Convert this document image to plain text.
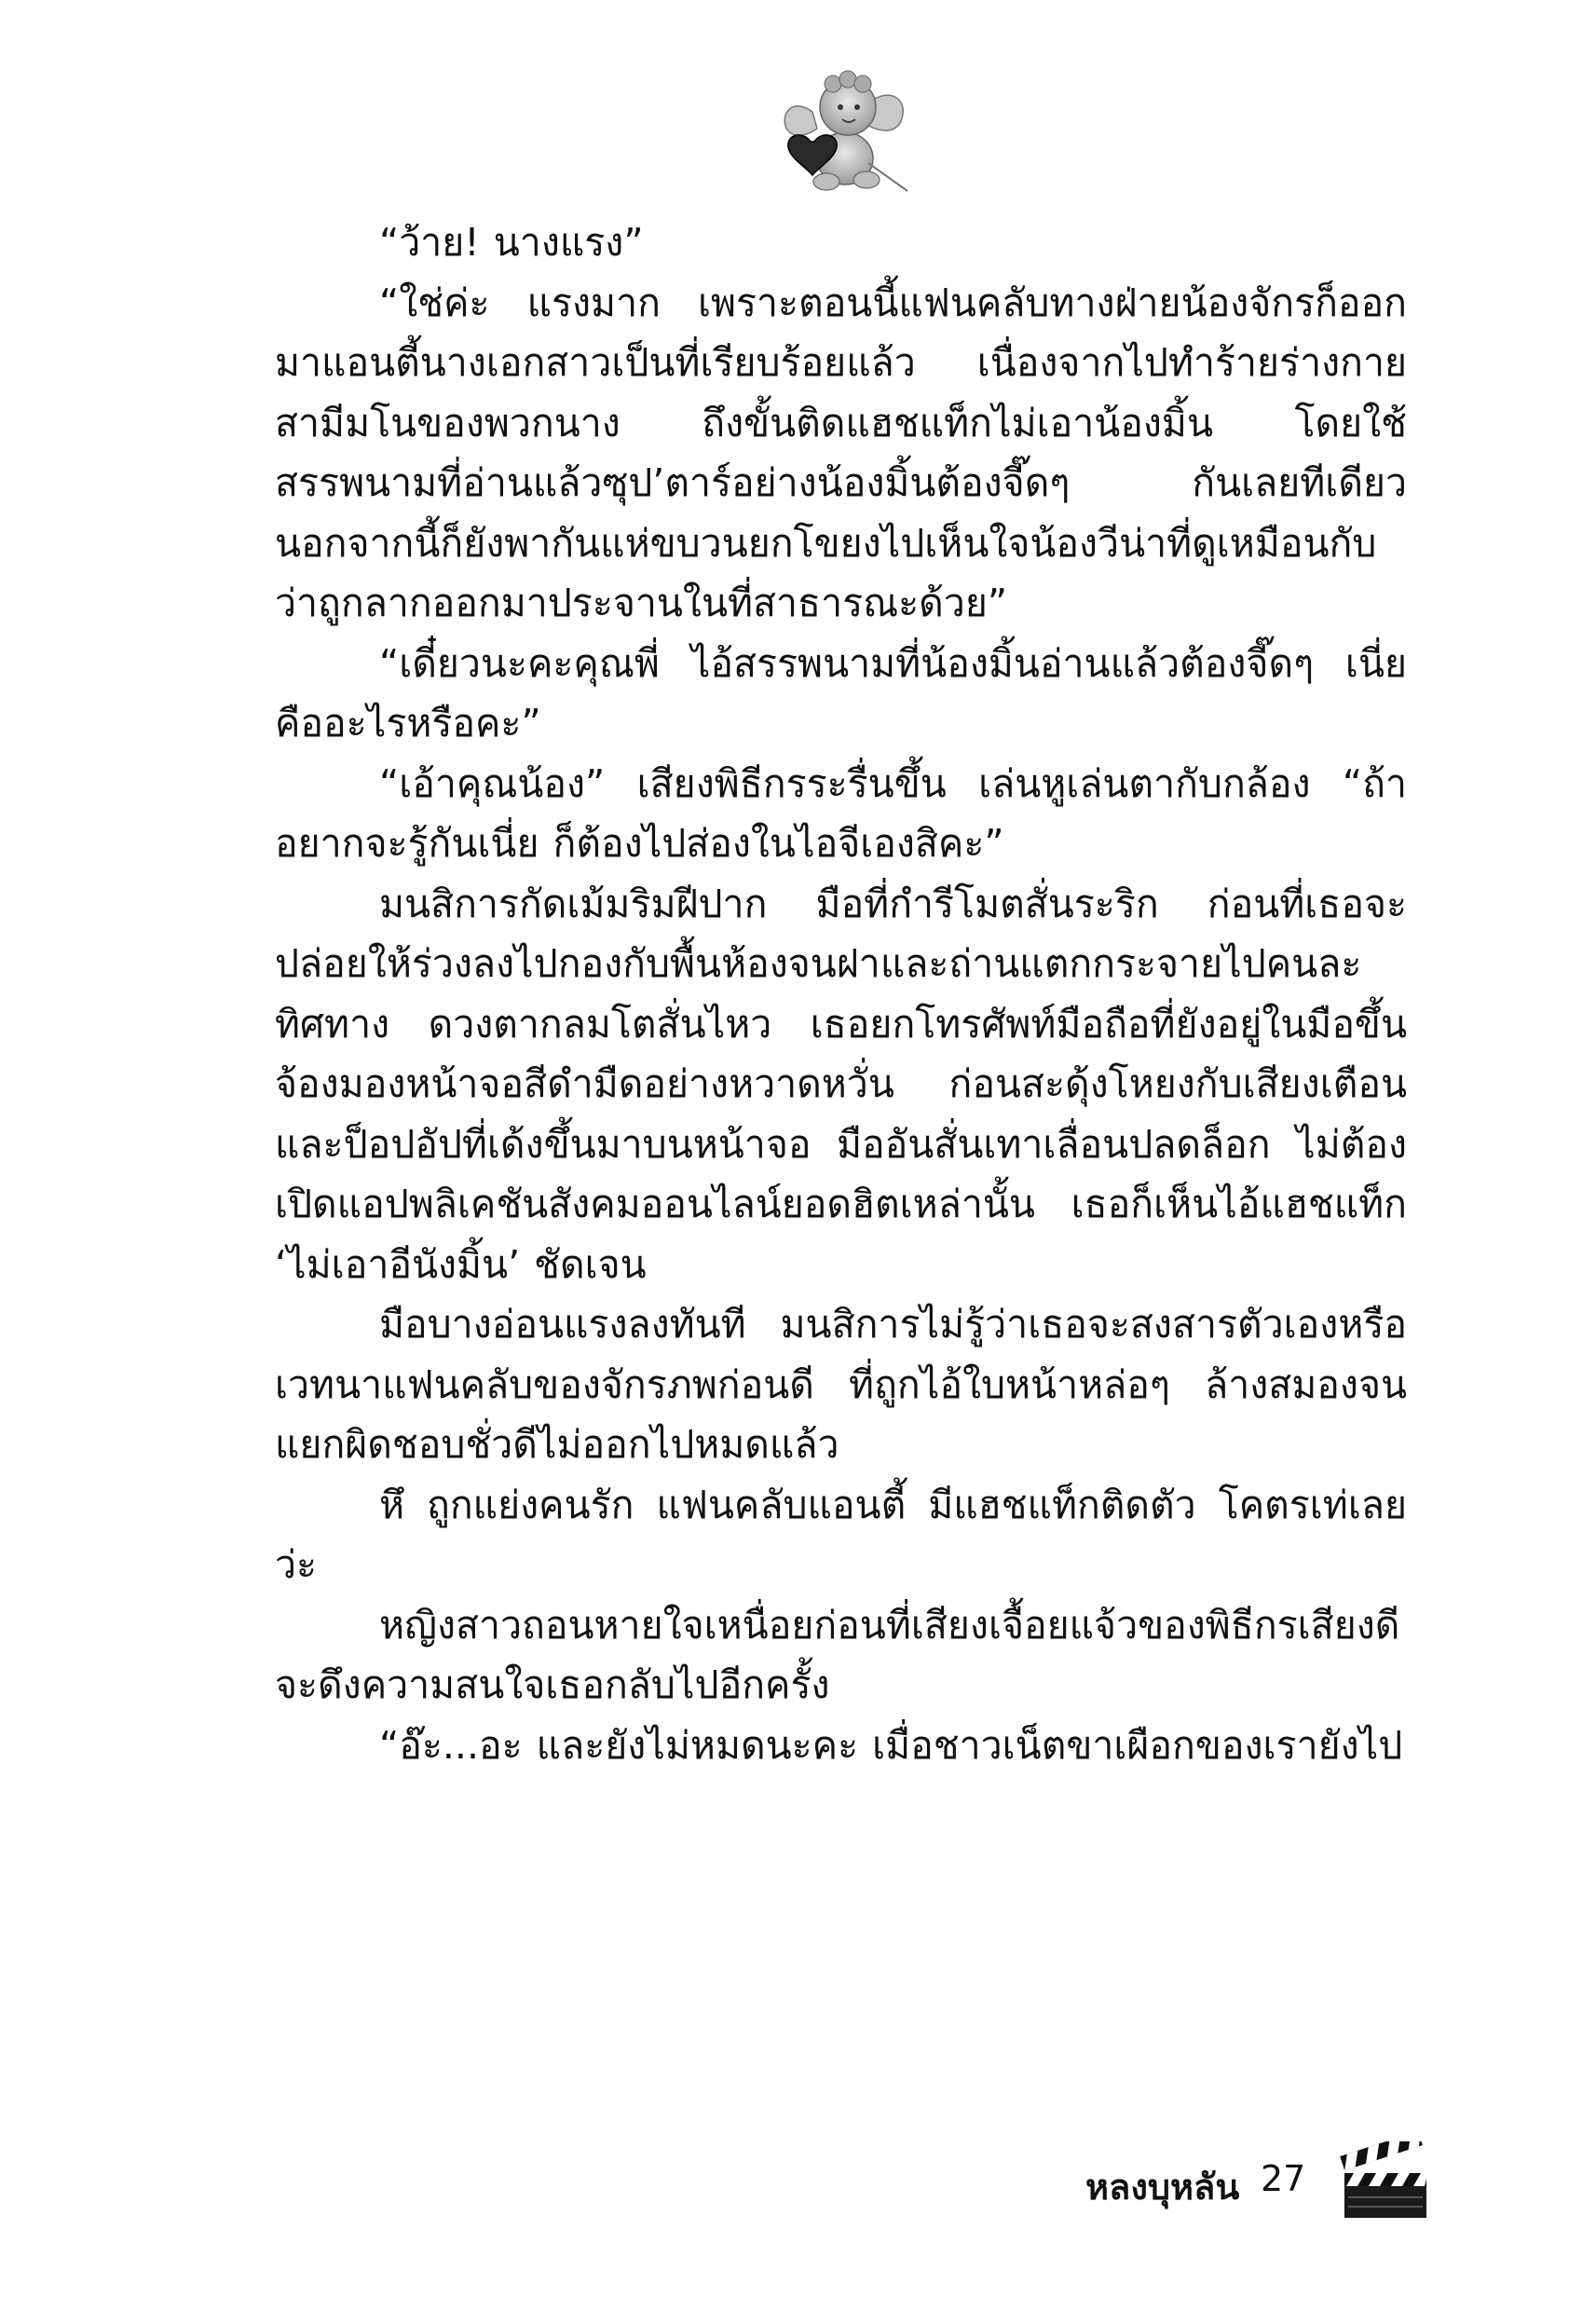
“ว้าย! นางแรง”

“ใช่ค่ะ แรงมาก เพราะตอนนี้แฟนคลับทางฝ่ายน้องจักรก็ออกมาแอนตี้นางเอกสาวเป็นที่เรียบร้อยแล้ว เนื่องจากไปทำร้ายร่างกายสามีมโนของพวกนาง ถึงขั้นติดแฮชแท็กไม่เอาน้องมิ้น โดยใช้สรรพนามที่อ่านแล้วซุป’ตาร์อย่างน้องมิ้นต้องจี๊ดๆ กันเลยทีเดียว นอกจากนี้ก็ยังพากันแห่ขบวนยกโขยงไปเห็นใจน้องวีน่าที่ดูเหมือนกับว่าถูกลากออกมาประจานในที่สาธารณะด้วย”

“เดี๋ยวนะคะคุณพี่ ไอ้สรรพนามที่น้องมิ้นอ่านแล้วต้องจี๊ดๆ เนี่ยคืออะไรหรือคะ”

“เอ้าคุณน้อง” เสียงพิธีกรระรื่นขึ้น เล่นหูเล่นตากับกล้อง “ถ้าอยากจะรู้กันเนี่ย ก็ต้องไปส่องในไอจีเองสิคะ”

มนสิการกัดเม้มริมฝีปาก มือที่กำรีโมตสั่นระริก ก่อนที่เธอจะปล่อยให้ร่วงลงไปกองกับพื้นห้องจนฝาและถ่านแตกกระจายไปคนละทิศทาง ดวงตากลมโตสั่นไหว เธอยกโทรศัพท์มือถือที่ยังอยู่ในมือขึ้นจ้องมองหน้าจอสีดำมืดอย่างหวาดหวั่น ก่อนสะดุ้งโหยงกับเสียงเตือนและป็อปอัปที่เด้งขึ้นมาบนหน้าจอ มืออันสั่นเทาเลื่อนปลดล็อก ไม่ต้องเปิดแอปพลิเคชันสังคมออนไลน์ยอดฮิตเหล่านั้น เธอก็เห็นไอ้แฮชแท็ก ‘ไม่เอาอีนังมิ้น’ ชัดเจน

มือบางอ่อนแรงลงทันที มนสิการไม่รู้ว่าเธอจะสงสารตัวเองหรือเวทนาแฟนคลับของจักรภพก่อนดี ที่ถูกไอ้ใบหน้าหล่อๆ ล้างสมองจนแยกผิดชอบชั่วดีไม่ออกไปหมดแล้ว

หึ ถูกแย่งคนรัก แฟนคลับแอนตี้ มีแฮชแท็กติดตัว โคตรเท่เลยว่ะ

หญิงสาวถอนหายใจเหนื่อยก่อนที่เสียงเจื้อยแจ้วของพิธีกรเสียงดีจะดึงความสนใจเธอกลับไปอีกครั้ง

“อ๊ะ...อะ และยังไม่หมดนะคะ เมื่อชาวเน็ตขาเผือกของเรายังไป

หลงบุหลัน 27
